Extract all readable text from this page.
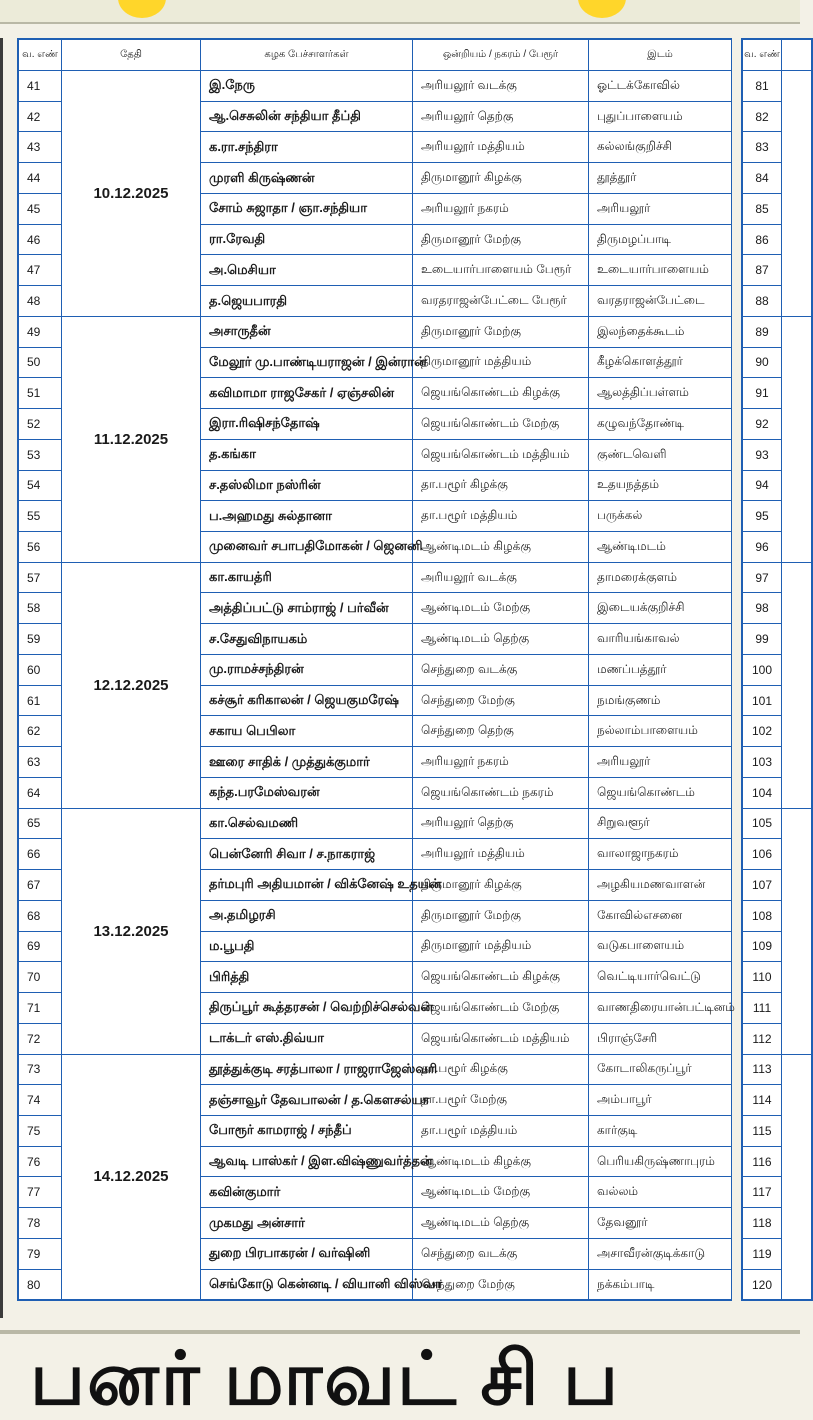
வ. எண்	தேதி	கழக பேச்சாளர்கள்	ஒன்றியம் / நகரம் / பேரூர்	இடம்
41	10.12.2025	இ.நேரு	அரியலூர் வடக்கு	ஓட்டக்கோவில்
42		ஆ.செசுலின் சந்தியா தீப்தி	அரியலூர் தெற்கு	புதுப்பாளையம்
43		க.ரா.சந்திரா	அரியலூர் மத்தியம்	கல்லங்குறிச்சி
44		முரளி கிருஷ்ணன்	திருமானூர் கிழக்கு	தூத்தூர்
45		சோம் சுஜாதா / ஞா.சந்தியா	அரியலூர் நகரம்	அரியலூர்
46		ரா.ரேவதி	திருமானூர் மேற்கு	திருமழப்பாடி
47		அ.மெசியா	உடையார்பாளையம் பேரூர்	உடையார்பாளையம்
48		த.ஜெயபாரதி	வரதராஜன்பேட்டை பேரூர்	வரதராஜன்பேட்டை
49	11.12.2025	அசாருதீன்	திருமானூர் மேற்கு	இலந்தைக்கூடம்
50		மேலூர் மு.பாண்டியராஜன் / இன்ரான்	திருமானூர் மத்தியம்	கீழக்கொளத்தூர்
51		கவிமாமா ராஜசேகர் / ஏஞ்சலின்	ஜெயங்கொண்டம் கிழக்கு	ஆலத்திப்பள்ளம்
52		இரா.ரிஷிசந்தோஷ்	ஜெயங்கொண்டம் மேற்கு	கழுவந்தோண்டி
53		த.கங்கா	ஜெயங்கொண்டம் மத்தியம்	குண்டவெளி
54		ச.தஸ்லிமா நஸ்ரின்	தா.பழூர் கிழக்கு	உதயநத்தம்
55		ப.அஹமது சுல்தானா	தா.பழூர் மத்தியம்	பருக்கல்
56		முனைவர் சபாபதிமோகன் / ஜெனனி	ஆண்டிமடம் கிழக்கு	ஆண்டிமடம்
57	12.12.2025	கா.காயத்ரி	அரியலூர் வடக்கு	தாமரைக்குளம்
58		அத்திப்பட்டு சாம்ராஜ் / பர்வீன்	ஆண்டிமடம் மேற்கு	இடையக்குறிச்சி
59		ச.சேதுவிநாயகம்	ஆண்டிமடம் தெற்கு	வாரியங்காவல்
60		மு.ராமச்சந்திரன்	செந்துறை வடக்கு	மணப்பத்தூர்
61		கச்சூர் கரிகாலன் / ஜெயகுமரேஷ்	செந்துறை மேற்கு	நமங்குணம்
62		சகாய பெபிலா	செந்துறை தெற்கு	நல்லாம்பாளையம்
63		ஊரை சாதிக் / முத்துக்குமார்	அரியலூர் நகரம்	அரியலூர்
64		கந்த.பரமேஸ்வரன்	ஜெயங்கொண்டம் நகரம்	ஜெயங்கொண்டம்
65	13.12.2025	கா.செல்வமணி	அரியலூர் தெற்கு	சிறுவளூர்
66		பென்னேரி சிவா / ச.நாகராஜ்	அரியலூர் மத்தியம்	வாலாஜாநகரம்
67		தர்மபுரி அதியமான் / விக்னேஷ் உதயன்	திருமானூர் கிழக்கு	அழகியமணவாளன்
68		அ.தமிழரசி	திருமானூர் மேற்கு	கோவில்எசனை
69		ம.பூபதி	திருமானூர் மத்தியம்	வடுகபாளையம்
70		பிரித்தி	ஜெயங்கொண்டம் கிழக்கு	வெட்டியார்வெட்டு
71		திருப்பூர் கூத்தரசன் / வெற்றிச்செல்வன்	ஜெயங்கொண்டம் மேற்கு	வாணதிரையான்பட்டினம்
72		டாக்டர் எஸ்.திவ்யா	ஜெயங்கொண்டம் மத்தியம்	பிராஞ்சேரி
73	14.12.2025	தூத்துக்குடி சரத்பாலா / ராஜராஜேஸ்வரி	தா.பழூர் கிழக்கு	கோடாலிகருப்பூர்
74		தஞ்சாவூர் தேவபாலன் / த.கௌசல்யா	தா.பழூர் மேற்கு	அம்பாபூர்
75		போரூர் காமராஜ் / சந்தீப்	தா.பழூர் மத்தியம்	கார்குடி
76		ஆவடி பாஸ்கர் / இள.விஷ்ணுவர்த்தன்	ஆண்டிமடம் கிழக்கு	பெரியகிருஷ்ணாபுரம்
77		கவின்குமார்	ஆண்டிமடம் மேற்கு	வல்லம்
78		முகமது அன்சார்	ஆண்டிமடம் தெற்கு	தேவனூர்
79		துறை பிரபாகரன் / வர்ஷினி	செந்துறை வடக்கு	அசாவீரன்குடிக்காடு
80		செங்கோடு கென்னடி / வியானி விஸ்வா	செந்துறை மேற்கு	நக்கம்பாடி
வ. எண்	
81	
82	
83	
84	
85	
86	
87	
88	
89	
90	
91	
92	
93	
94	
95	
96	
97	
98	
99	
100	
101	
102	
103	
104	
105	
106	
107	
108	
109	
110	
111	
112	
113	
114	
115	
116	
117	
118	
119	
120	
பனர் மாவட் சி ப
